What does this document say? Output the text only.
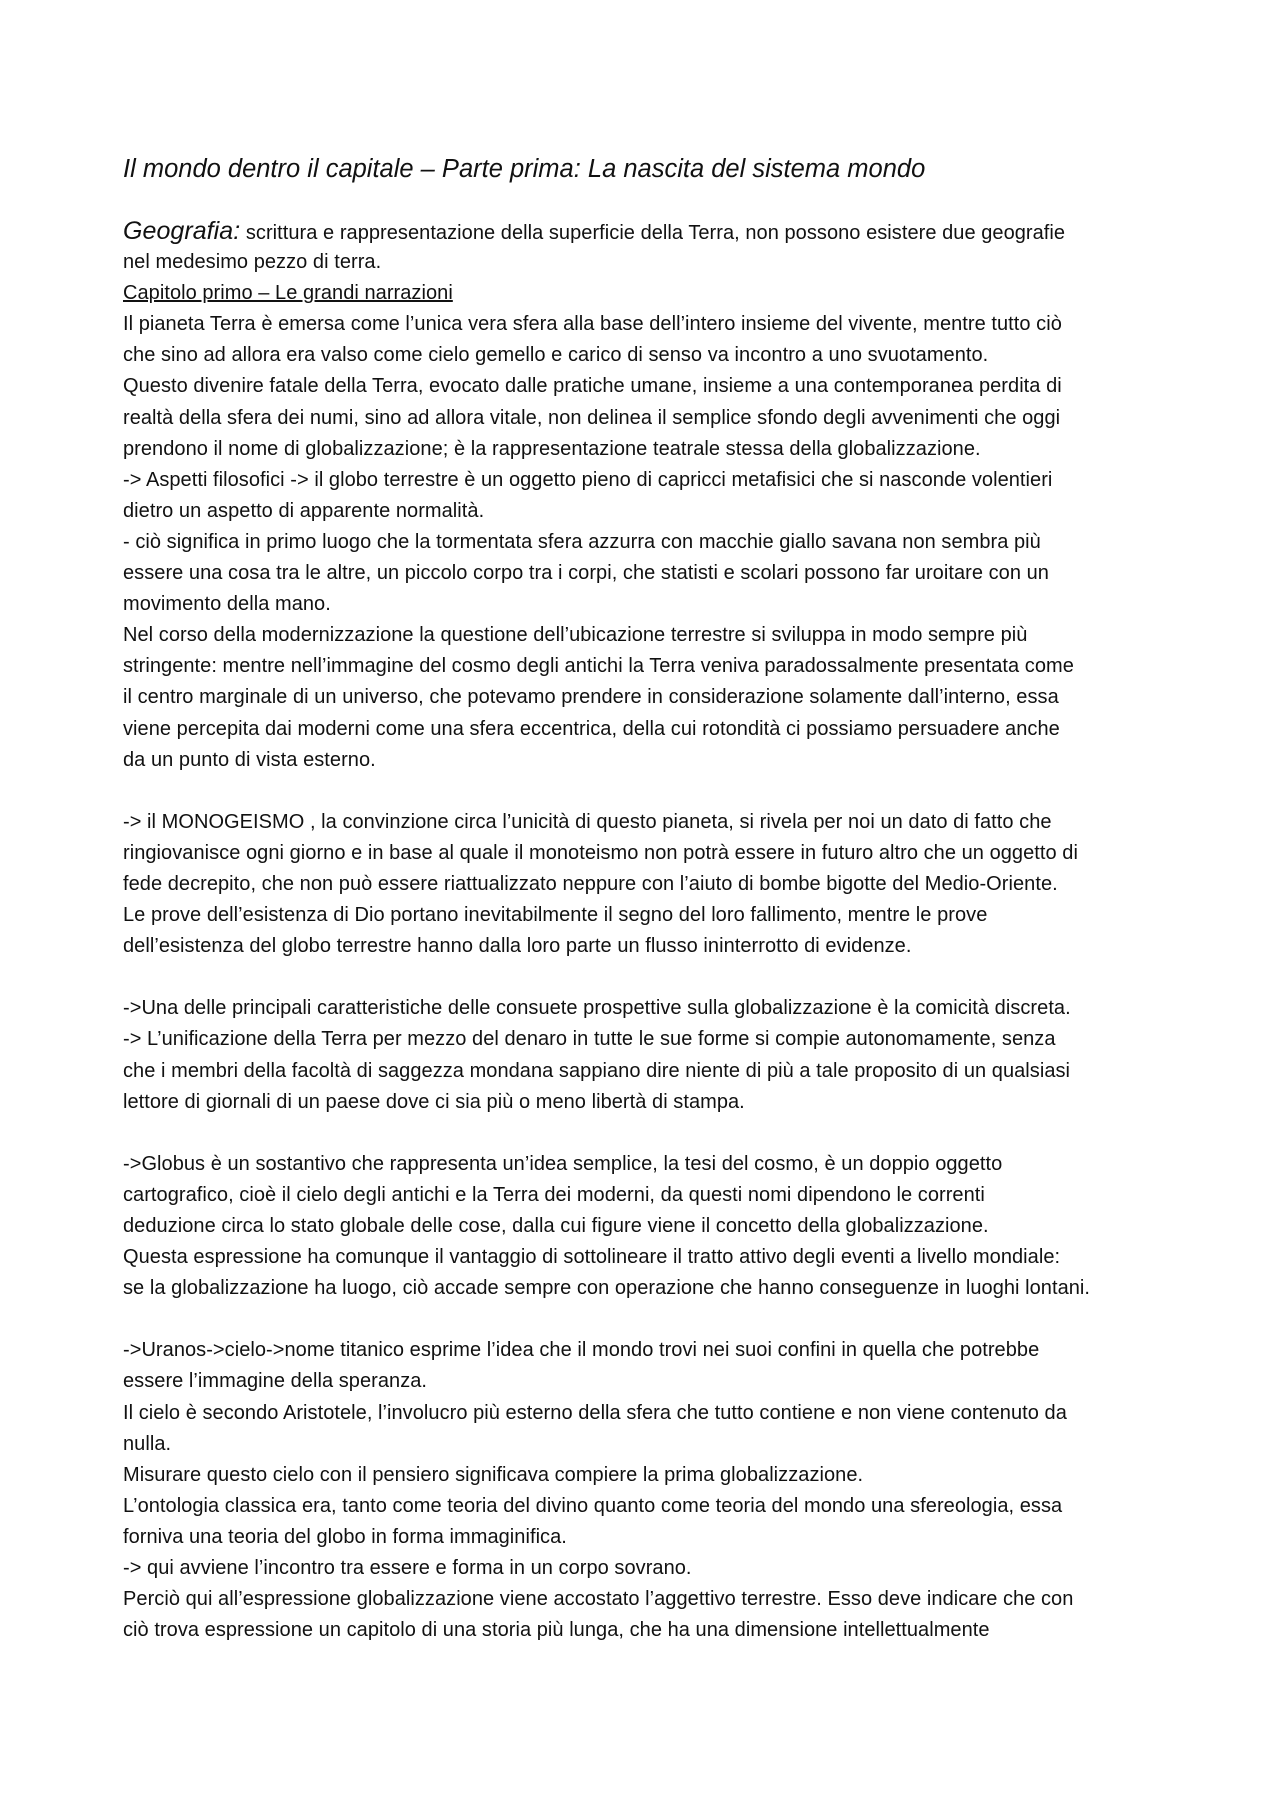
Il mondo dentro il capitale – Parte prima: La nascita del sistema mondo
Geografia: scrittura e rappresentazione della superficie della Terra, non possono esistere due geografie
nel medesimo pezzo di terra.
Capitolo primo – Le grandi narrazioni
Il pianeta Terra è emersa come l’unica vera sfera alla base dell’intero insieme del vivente, mentre tutto ciò
che sino ad allora era valso come cielo gemello e carico di senso va incontro a uno svuotamento.
Questo divenire fatale della Terra, evocato dalle pratiche umane, insieme a una contemporanea perdita di
realtà della sfera dei numi, sino ad allora vitale, non delinea il semplice sfondo degli avvenimenti che oggi
prendono il nome di globalizzazione; è la rappresentazione teatrale stessa della globalizzazione.
-> Aspetti filosofici -> il globo terrestre è un oggetto pieno di capricci metafisici che si nasconde volentieri
dietro un aspetto di apparente normalità.
- ciò significa in primo luogo che la tormentata sfera azzurra con macchie giallo savana non sembra più
essere una cosa tra le altre, un piccolo corpo tra i corpi, che statisti e scolari possono far uroitare con un
movimento della mano.
Nel corso della modernizzazione la questione dell’ubicazione terrestre si sviluppa in modo sempre più
stringente: mentre nell’immagine del cosmo degli antichi la Terra veniva paradossalmente presentata come
il centro marginale di un universo, che potevamo prendere in considerazione solamente dall’interno, essa
viene percepita dai moderni come una sfera eccentrica, della cui rotondità ci possiamo persuadere anche
da un punto di vista esterno.
-> il MONOGEISMO , la convinzione circa l’unicità di questo pianeta, si rivela per noi un dato di fatto che
ringiovanisce ogni giorno e in base al quale il monoteismo non potrà essere in futuro altro che un oggetto di
fede decrepito, che non può essere riattualizzato neppure con l’aiuto di bombe bigotte del Medio-Oriente.
Le prove dell’esistenza di Dio portano inevitabilmente il segno del loro fallimento, mentre le prove
dell’esistenza del globo terrestre hanno dalla loro parte un flusso ininterrotto di evidenze.
->Una delle principali caratteristiche delle consuete prospettive sulla globalizzazione è la comicità discreta.
-> L’unificazione della Terra per mezzo del denaro in tutte le sue forme si compie autonomamente, senza
che i membri della facoltà di saggezza mondana sappiano dire niente di più a tale proposito di un qualsiasi
lettore di giornali di un paese dove ci sia più o meno libertà di stampa.
->Globus è un sostantivo che rappresenta un’idea semplice, la tesi del cosmo, è un doppio oggetto
cartografico, cioè il cielo degli antichi e la Terra dei moderni, da questi nomi dipendono le correnti
deduzione circa lo stato globale delle cose, dalla cui figure viene il concetto della globalizzazione.
Questa espressione ha comunque il vantaggio di sottolineare il tratto attivo degli eventi a livello mondiale:
se la globalizzazione ha luogo, ciò accade sempre con operazione che hanno conseguenze in luoghi lontani.
->Uranos->cielo->nome titanico esprime l’idea che il mondo trovi nei suoi confini in quella che potrebbe
essere l’immagine della speranza.
Il cielo è secondo Aristotele, l’involucro più esterno della sfera che tutto contiene e non viene contenuto da
nulla.
Misurare questo cielo con il pensiero significava compiere la prima globalizzazione.
L’ontologia classica era, tanto come teoria del divino quanto come teoria del mondo una sfereologia, essa
forniva una teoria del globo in forma immaginifica.
-> qui avviene l’incontro tra essere e forma in un corpo sovrano.
Perciò qui all’espressione globalizzazione viene accostato l’aggettivo terrestre. Esso deve indicare che con
ciò trova espressione un capitolo di una storia più lunga, che ha una dimensione intellettualmente
